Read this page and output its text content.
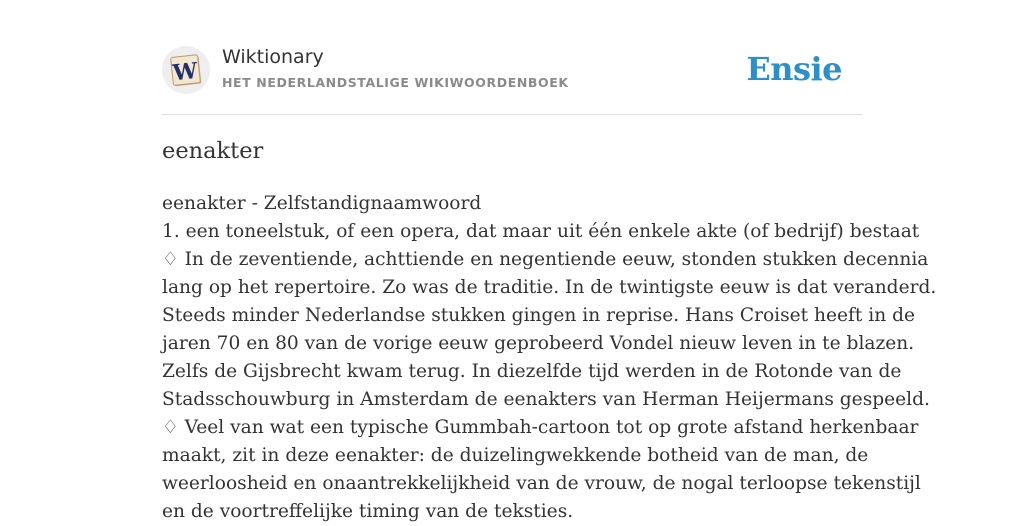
W
Wiktionary
HET NEDERLANDSTALIGE WIKIWOORDENBOEK	Ensie
eenakter
eenakter - Zelfstandignaamwoord
1. een toneelstuk, of een opera, dat maar uit één enkele akte (of bedrijf) bestaat
♢ In de zeventiende, achttiende en negentiende eeuw, stonden stukken decennia
lang op het repertoire. Zo was de traditie. In de twintigste eeuw is dat veranderd.
Steeds minder Nederlandse stukken gingen in reprise. Hans Croiset heeft in de
jaren 70 en 80 van de vorige eeuw geprobeerd Vondel nieuw leven in te blazen.
Zelfs de Gijsbrecht kwam terug. In diezelfde tijd werden in de Rotonde van de
Stadsschouwburg in Amsterdam de eenakters van Herman Heijermans gespeeld.
♢ Veel van wat een typische Gummbah-cartoon tot op grote afstand herkenbaar
maakt, zit in deze eenakter: de duizelingwekkende botheid van de man, de
weerloosheid en onaantrekkelijkheid van de vrouw, de nogal terloopse tekenstijl
en de voortreffelijke timing van de teksties.
